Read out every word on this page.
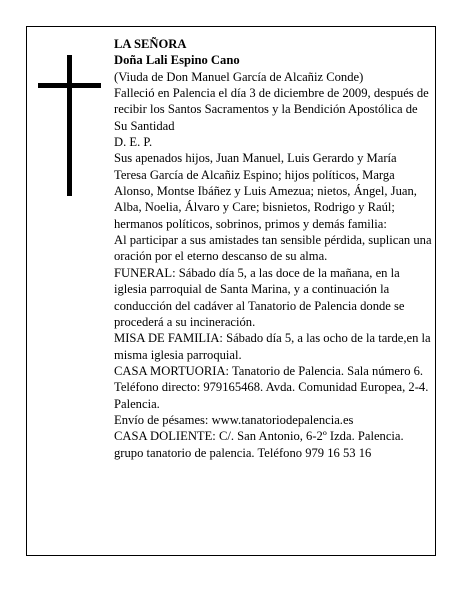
LA SEÑORA

Doña Lali Espino Cano

(Viuda de Don Manuel García de Alcañiz Conde)

Falleció en Palencia el día 3 de diciembre de 2009, después de recibir los Santos Sacramentos y la Bendición Apostólica de Su Santidad

D. E. P.

Sus apenados hijos, Juan Manuel, Luis Gerardo y María Teresa García de Alcañiz Espino; hijos políticos, Marga Alonso, Montse Ibáñez y Luis Amezua; nietos, Ángel, Juan, Alba, Noelia, Álvaro y Care; bisnietos, Rodrigo y Raúl; hermanos políticos, sobrinos, primos y demás familia:

Al participar a sus amistades tan sensible pérdida, suplican una oración por el eterno descanso de su alma.

FUNERAL: Sábado día 5, a las doce de la mañana, en la iglesia parroquial de Santa Marina, y a continuación la conducción del cadáver al Tanatorio de Palencia donde se procederá a su incineración.

MISA DE FAMILIA: Sábado día 5, a las ocho de la tarde,en la misma iglesia parroquial.

CASA MORTUORIA: Tanatorio de Palencia. Sala número 6. Teléfono directo: 979165468. Avda. Comunidad Europea, 2-4. Palencia.

Envío de pésames: www.tanatoriodepalencia.es

CASA DOLIENTE: C/. San Antonio, 6-2º Izda. Palencia.

grupo tanatorio de palencia. Teléfono 979 16 53 16
